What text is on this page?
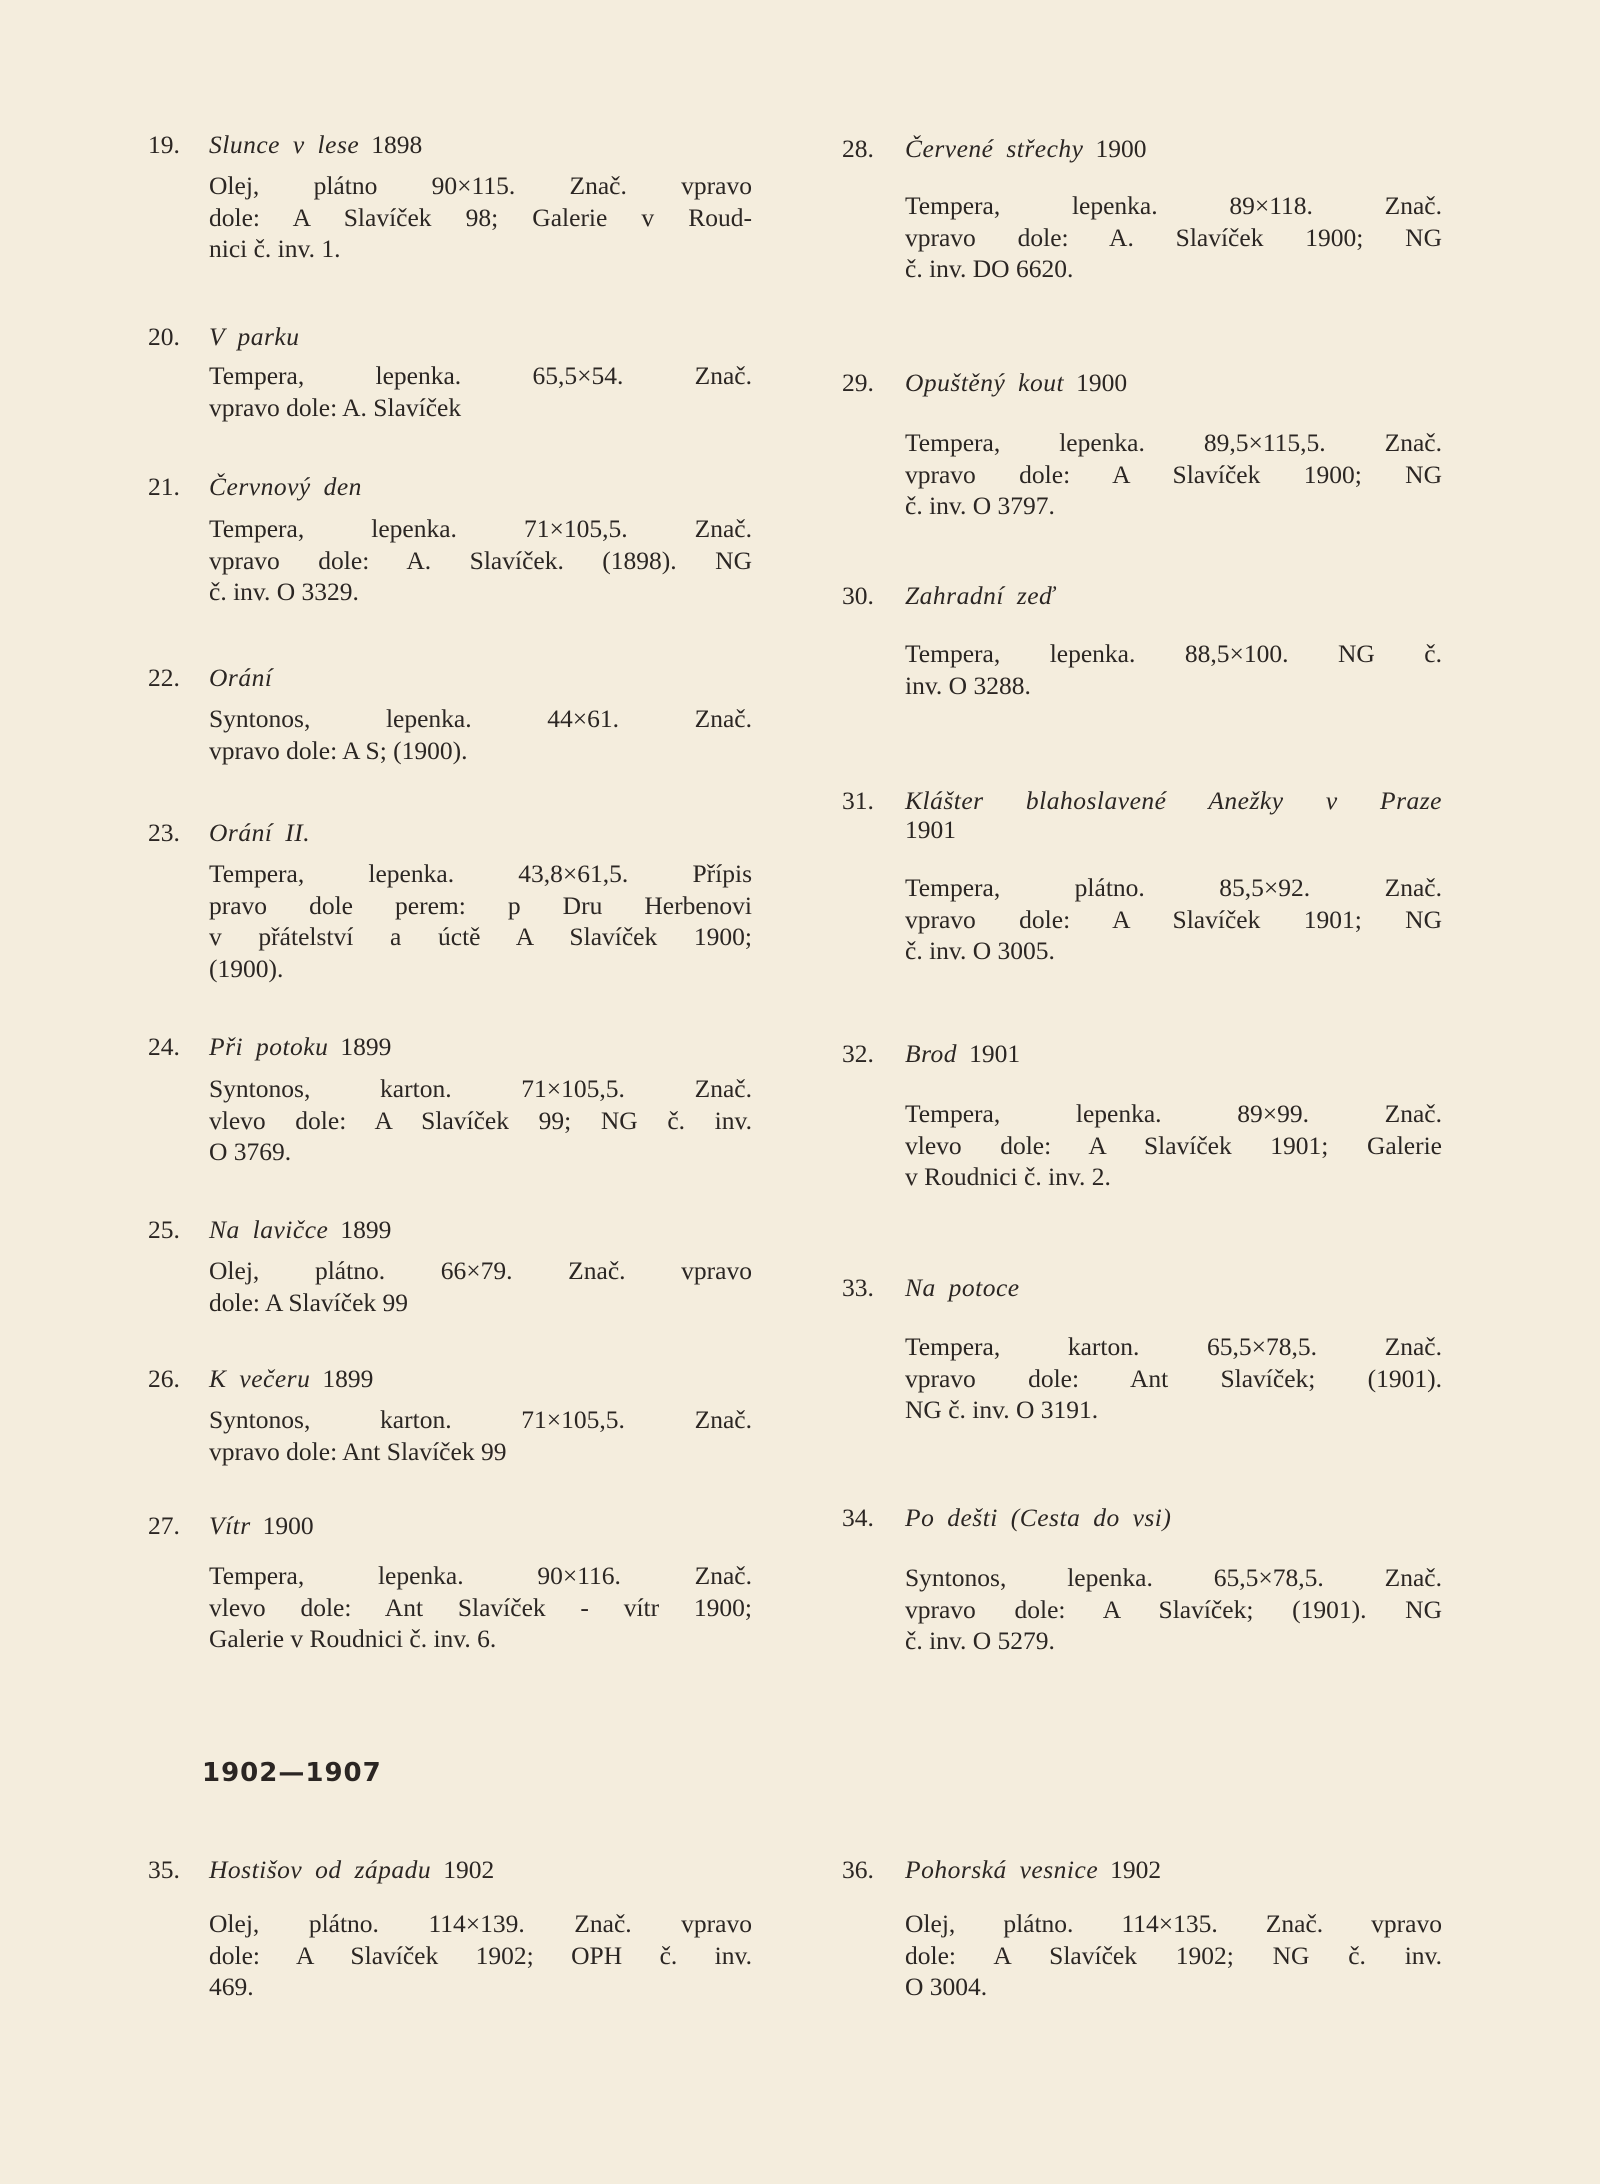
1902—1907
19. Slunce v lese 1898
Olej, plátno 90×115. Znač. vpravo
dole: A Slavíček 98; Galerie v Roud-
nici č. inv. 1.
20. V parku
Tempera, lepenka. 65,5×54. Znač.
vpravo dole: A. Slavíček
21. Červnový den
Tempera, lepenka. 71×105,5. Znač.
vpravo dole: A. Slavíček. (1898). NG
č. inv. O 3329.
22. Orání
Syntonos, lepenka. 44×61. Znač.
vpravo dole: A S; (1900).
23. Orání II.
Tempera, lepenka. 43,8×61,5. Přípis
pravo dole perem: p Dru Herbenovi
v přátelství a úctě A Slavíček 1900;
(1900).
24. Při potoku 1899
Syntonos, karton. 71×105,5. Znač.
vlevo dole: A Slavíček 99; NG č. inv.
O 3769.
25. Na lavičce 1899
Olej, plátno. 66×79. Znač. vpravo
dole: A Slavíček 99
26. K večeru 1899
Syntonos, karton. 71×105,5. Znač.
vpravo dole: Ant Slavíček 99
27. Vítr 1900
Tempera, lepenka. 90×116. Znač.
vlevo dole: Ant Slavíček - vítr 1900;
Galerie v Roudnici č. inv. 6.
28. Červené střechy 1900
Tempera, lepenka. 89×118. Znač.
vpravo dole: A. Slavíček 1900; NG
č. inv. DO 6620.
29. Opuštěný kout 1900
Tempera, lepenka. 89,5×115,5. Znač.
vpravo dole: A Slavíček 1900; NG
č. inv. O 3797.
30. Zahradní zeď
Tempera, lepenka. 88,5×100. NG č.
inv. O 3288.
31. Klášter blahoslavené Anežky v Praze
1901
Tempera, plátno. 85,5×92. Znač.
vpravo dole: A Slavíček 1901; NG
č. inv. O 3005.
32. Brod 1901
Tempera, lepenka. 89×99. Znač.
vlevo dole: A Slavíček 1901; Galerie
v Roudnici č. inv. 2.
33. Na potoce
Tempera, karton. 65,5×78,5. Znač.
vpravo dole: Ant Slavíček; (1901).
NG č. inv. O 3191.
34. Po dešti (Cesta do vsi)
Syntonos, lepenka. 65,5×78,5. Znač.
vpravo dole: A Slavíček; (1901). NG
č. inv. O 5279.
35. Hostišov od západu 1902
Olej, plátno. 114×139. Znač. vpravo
dole: A Slavíček 1902; OPH č. inv.
469.
36. Pohorská vesnice 1902
Olej, plátno. 114×135. Znač. vpravo
dole: A Slavíček 1902; NG č. inv.
O 3004.
